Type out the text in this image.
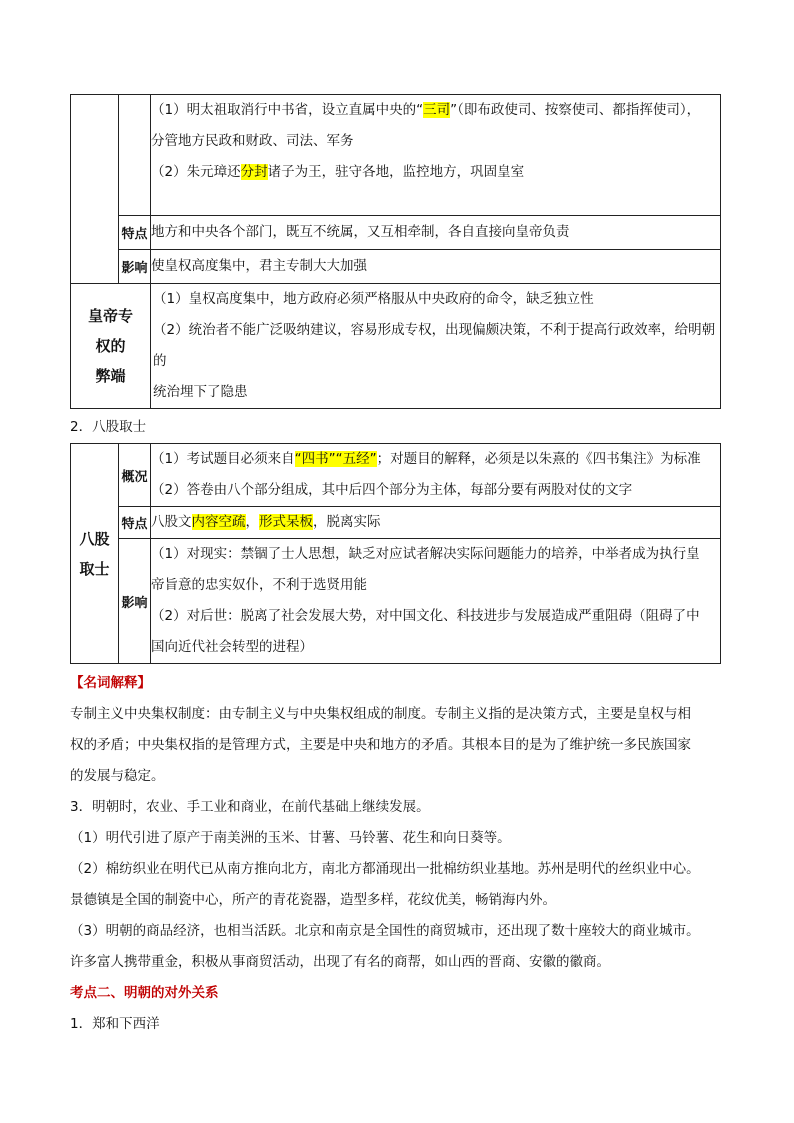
		（1）明太祖取消行中书省，设立直属中央的“三司”（即布政使司、按察使司、都指挥使司），
分管地方民政和财政、司法、军务
（2）朱元璋还分封诸子为王，驻守各地，监控地方，巩固皇室

	特点	地方和中央各个部门，既互不统属，又互相牵制，各自直接向皇帝负责
	影响	使皇权高度集中，君主专制大大加强

皇帝专
权的
弊端		（1）皇权高度集中，地方政府必须严格服从中央政府的命令，缺乏独立性
（2）统治者不能广泛吸纳建议，容易形成专权，出现偏颇决策，不利于提高行政效率，给明朝的
统治埋下了隐患

2．八股取士

八股
取士	概况	（1）考试题目必须来自“四书”“五经”；对题目的解释，必须是以朱熹的《四书集注》为标准
（2）答卷由八个部分组成，其中后四个部分为主体，每部分要有两股对仗的文字

	特点	八股文内容空疏，形式呆板，脱离实际
	影响	（1）对现实：禁锢了士人思想，缺乏对应试者解决实际问题能力的培养，中举者成为执行皇
帝旨意的忠实奴仆，不利于选贤用能
（2）对后世：脱离了社会发展大势，对中国文化、科技进步与发展造成严重阻碍（阻碍了中
国向近代社会转型的进程）

【名词解释】

专制主义中央集权制度：由专制主义与中央集权组成的制度。专制主义指的是决策方式，主要是皇权与相

权的矛盾；中央集权指的是管理方式，主要是中央和地方的矛盾。其根本目的是为了维护统一多民族国家

的发展与稳定。

3．明朝时，农业、手工业和商业，在前代基础上继续发展。

（1）明代引进了原产于南美洲的玉米、甘薯、马铃薯、花生和向日葵等。

（2）棉纺织业在明代已从南方推向北方，南北方都涌现出一批棉纺织业基地。苏州是明代的丝织业中心。

景德镇是全国的制瓷中心，所产的青花瓷器，造型多样，花纹优美，畅销海内外。

（3）明朝的商品经济，也相当活跃。北京和南京是全国性的商贸城市，还出现了数十座较大的商业城市。

许多富人携带重金，积极从事商贸活动，出现了有名的商帮，如山西的晋商、安徽的徽商。

考点二、明朝的对外关系

1．郑和下西洋
